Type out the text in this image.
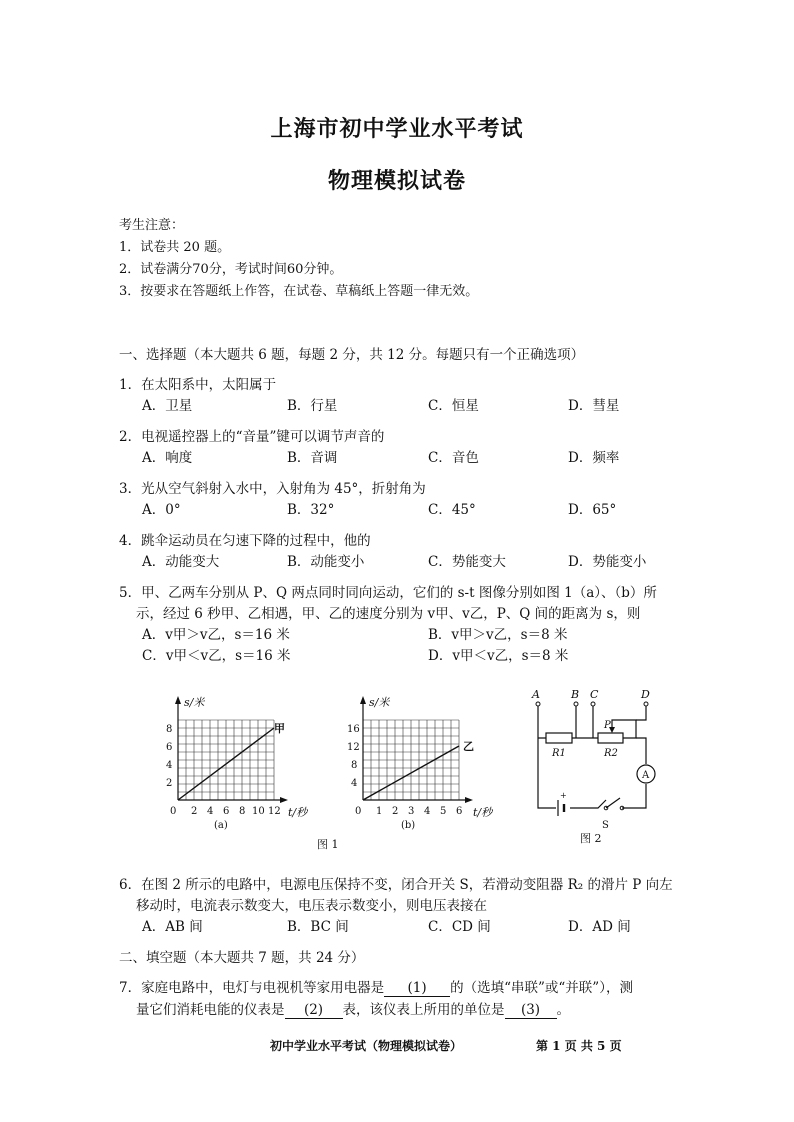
上海市初中学业水平考试
物理模拟试卷
考生注意：
1．试卷共 20 题。
2．试卷满分70分，考试时间60分钟。
3．按要求在答题纸上作答，在试卷、草稿纸上答题一律无效。
一、选择题（本大题共 6 题，每题 2 分，共 12 分。每题只有一个正确选项）
1．在太阳系中，太阳属于
A．卫星	B．行星	C．恒星	D．彗星
2．电视遥控器上的“音量”键可以调节声音的
A．响度	B．音调	C．音色	D．频率
3．光从空气斜射入水中，入射角为 45°，折射角为
A．0°	B．32°	C．45°	D．65°
4．跳伞运动员在匀速下降的过程中，他的
A．动能变大	B．动能变小	C．势能变大	D．势能变小
5．甲、乙两车分别从 P、Q 两点同时同向运动，它们的 s-t 图像分别如图 1（a）、（b）所
示，经过 6 秒甲、乙相遇，甲、乙的速度分别为 v甲、v乙，P、Q 间的距离为 s，则
A．v甲＞v乙，s＝16 米	B．v甲＞v乙，s＝8 米
C．v甲＜v乙，s＝16 米	D．v甲＜v乙，s＝8 米
s/米
甲
t/秒
2
4
6
8
0 2 4 6 8 10 12
(a)
s/米
乙
t/秒
4
8
12
16
0 1 2 3 4 5 6
(b)
图 1
+
S
R1	R2
P
A
A	B C	D
图 2
6．在图 2 所示的电路中，电源电压保持不变，闭合开关 S，若滑动变阻器 R₂ 的滑片 P 向左
移动时，电流表示数变大，电压表示数变小，则电压表接在
A．AB 间	B．BC 间	C．CD 间	D．AD 间
二、填空题（本大题共 7 题，共 24 分）
7．家庭电路中，电灯与电视机等家用电器是 (1) 的（选填“串联”或“并联”），测
量它们消耗电能的仪表是 (2) 表，该仪表上所用的单位是 (3) 。
初中学业水平考试（物理模拟试卷）	第 1 页 共 5 页
